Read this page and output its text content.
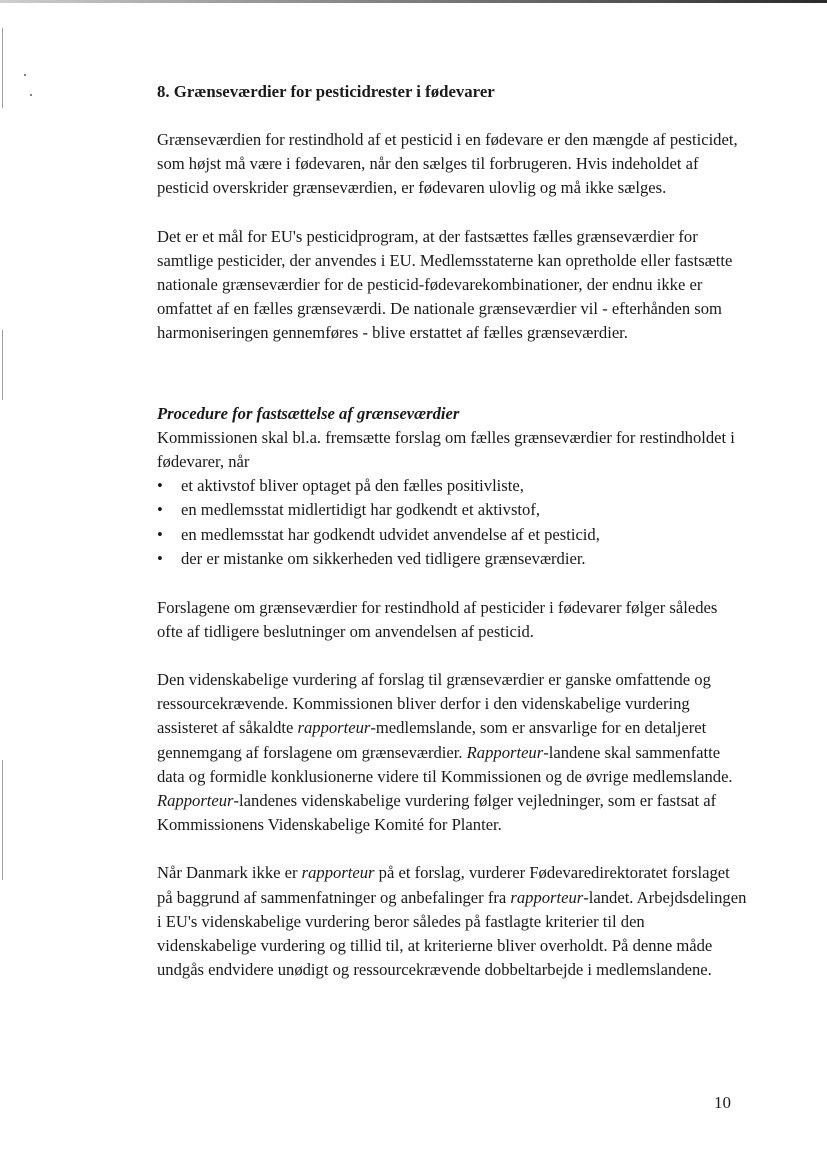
8. Grænseværdier for pesticidrester i fødevarer

Grænseværdien for restindhold af et pesticid i en fødevare er den mængde af pesticidet, som højst må være i fødevaren, når den sælges til forbrugeren. Hvis indeholdet af pesticid overskrider grænseværdien, er fødevaren ulovlig og må ikke sælges.

Det er et mål for EU's pesticidprogram, at der fastsættes fælles grænseværdier for samtlige pesticider, der anvendes i EU. Medlemsstaterne kan opretholde eller fastsætte nationale grænseværdier for de pesticid-fødevarekombinationer, der endnu ikke er omfattet af en fælles grænseværdi. De nationale grænseværdier vil - efterhånden som harmoniseringen gennemføres - blive erstattet af fælles grænseværdier.

Procedure for fastsættelse af grænseværdier

Kommissionen skal bl.a. fremsætte forslag om fælles grænseværdier for restindholdet i fødevarer, når

• et aktivstof bliver optaget på den fælles positivliste,
• en medlemsstat midlertidigt har godkendt et aktivstof,
• en medlemsstat har godkendt udvidet anvendelse af et pesticid,
• der er mistanke om sikkerheden ved tidligere grænseværdier.

Forslagene om grænseværdier for restindhold af pesticider i fødevarer følger således ofte af tidligere beslutninger om anvendelsen af pesticid.

Den videnskabelige vurdering af forslag til grænseværdier er ganske omfattende og ressourcekrævende. Kommissionen bliver derfor i den videnskabelige vurdering assisteret af såkaldte rapporteur-medlemslande, som er ansvarlige for en detaljeret gennemgang af forslagene om grænseværdier. Rapporteur-landene skal sammenfatte data og formidle konklusionerne videre til Kommissionen og de øvrige medlemslande. Rapporteur-landenes videnskabelige vurdering følger vejledninger, som er fastsat af Kommissionens Videnskabelige Komité for Planter.

Når Danmark ikke er rapporteur på et forslag, vurderer Fødevaredirektoratet forslaget på baggrund af sammenfatninger og anbefalinger fra rapporteur-landet. Arbejdsdelingen i EU's videnskabelige vurdering beror således på fastlagte kriterier til den videnskabelige vurdering og tillid til, at kriterierne bliver overholdt. På denne måde undgås endvidere unødigt og ressourcekrævende dobbeltarbejde i medlemslandene.

10
